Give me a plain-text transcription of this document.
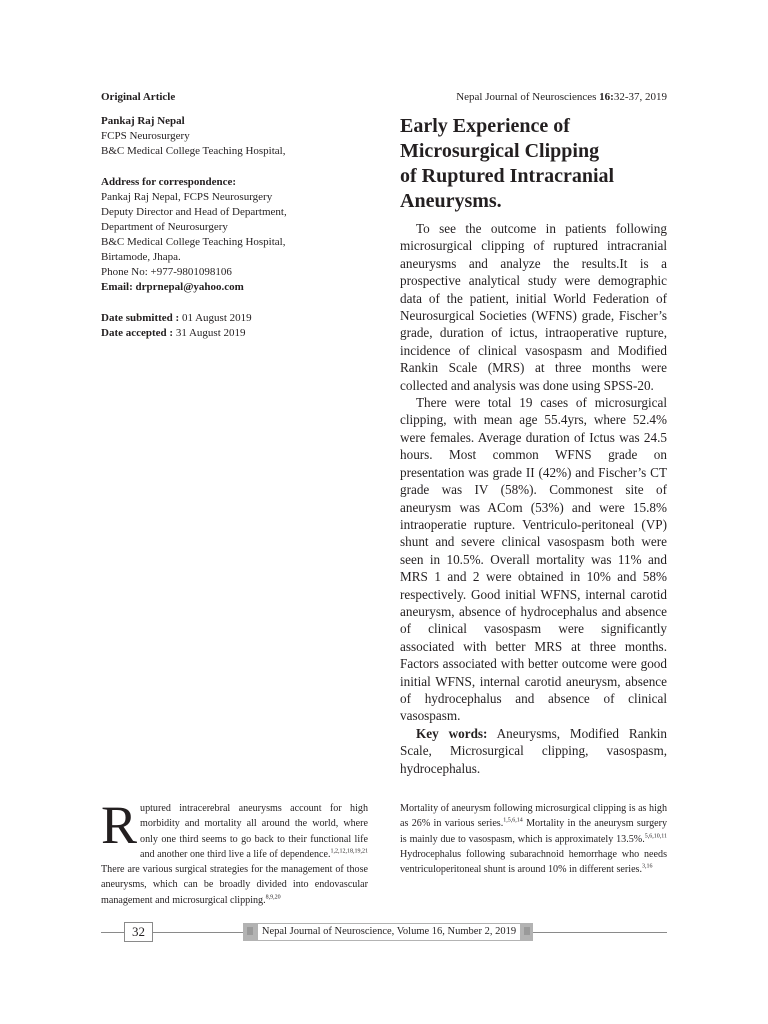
Original Article	Nepal Journal of Neurosciences 16:32-37, 2019
Pankaj Raj Nepal
FCPS Neurosurgery
B&C Medical College Teaching Hospital,
Address for correspondence:
Pankaj Raj Nepal, FCPS Neurosurgery
Deputy Director and Head of Department,
Department of Neurosurgery
B&C Medical College Teaching Hospital,
Birtamode, Jhapa.
Phone No: +977-9801098106
Email: drprnepal@yahoo.com
Date submitted : 01 August 2019
Date accepted : 31 August 2019
Early Experience of
Microsurgical Clipping
of Ruptured Intracranial
Aneurysms.

To see the outcome in patients following microsurgical clipping of ruptured intracranial aneurysms and analyze the results.It is a prospective analytical study were demographic data of the patient, initial World Federation of Neurosurgical Societies (WFNS) grade, Fischer’s grade, duration of ictus, intraoperative rupture, incidence of clinical vasospasm and Modified Rankin Scale (MRS) at three months were collected and analysis was done using SPSS-20.

There were total 19 cases of microsurgical clipping, with mean age 55.4yrs, where 52.4% were females. Average duration of Ictus was 24.5 hours. Most common WFNS grade on presentation was grade II (42%) and Fischer’s CT grade was IV (58%). Commonest site of aneurysm was ACom (53%) and were 15.8% intraoperatie rupture. Ventriculo-peritoneal (VP) shunt and severe clinical vasospasm both were seen in 10.5%. Overall mortality was 11% and MRS 1 and 2 were obtained in 10% and 58% respectively. Good initial WFNS, internal carotid aneurysm, absence of hydrocephalus and absence of clinical vasospasm were significantly associated with better MRS at three months. Factors associated with better outcome were good initial WFNS, internal carotid aneurysm, absence of hydrocephalus and absence of clinical vasospasm.

Key words: Aneurysms, Modified Rankin Scale, Microsurgical clipping, vasospasm, hydrocephalus.

Ruptured intracerebral aneurysms account for high morbidity and mortality all around the world, where only one third seems to go back to their functional life and another one third live a life of dependence.$^{1,2,12,18,19,21}$ There are various surgical strategies for the management of those aneurysms, which can be broadly divided into endovascular management and microsurgical clipping.$^{8,9,20}$

Mortality of aneurysm following microsurgical clipping is as high as 26% in various series.$^{1,5,6,14}$ Mortality in the aneurysm surgery is mainly due to vasospasm, which is approximately 13.5%.$^{5,6,10,11}$ Hydrocephalus following subarachnoid hemorrhage who needs ventriculoperitoneal shunt is around 10% in different series.$^{3,16}$

32	Nepal Journal of Neuroscience, Volume 16, Number 2, 2019
